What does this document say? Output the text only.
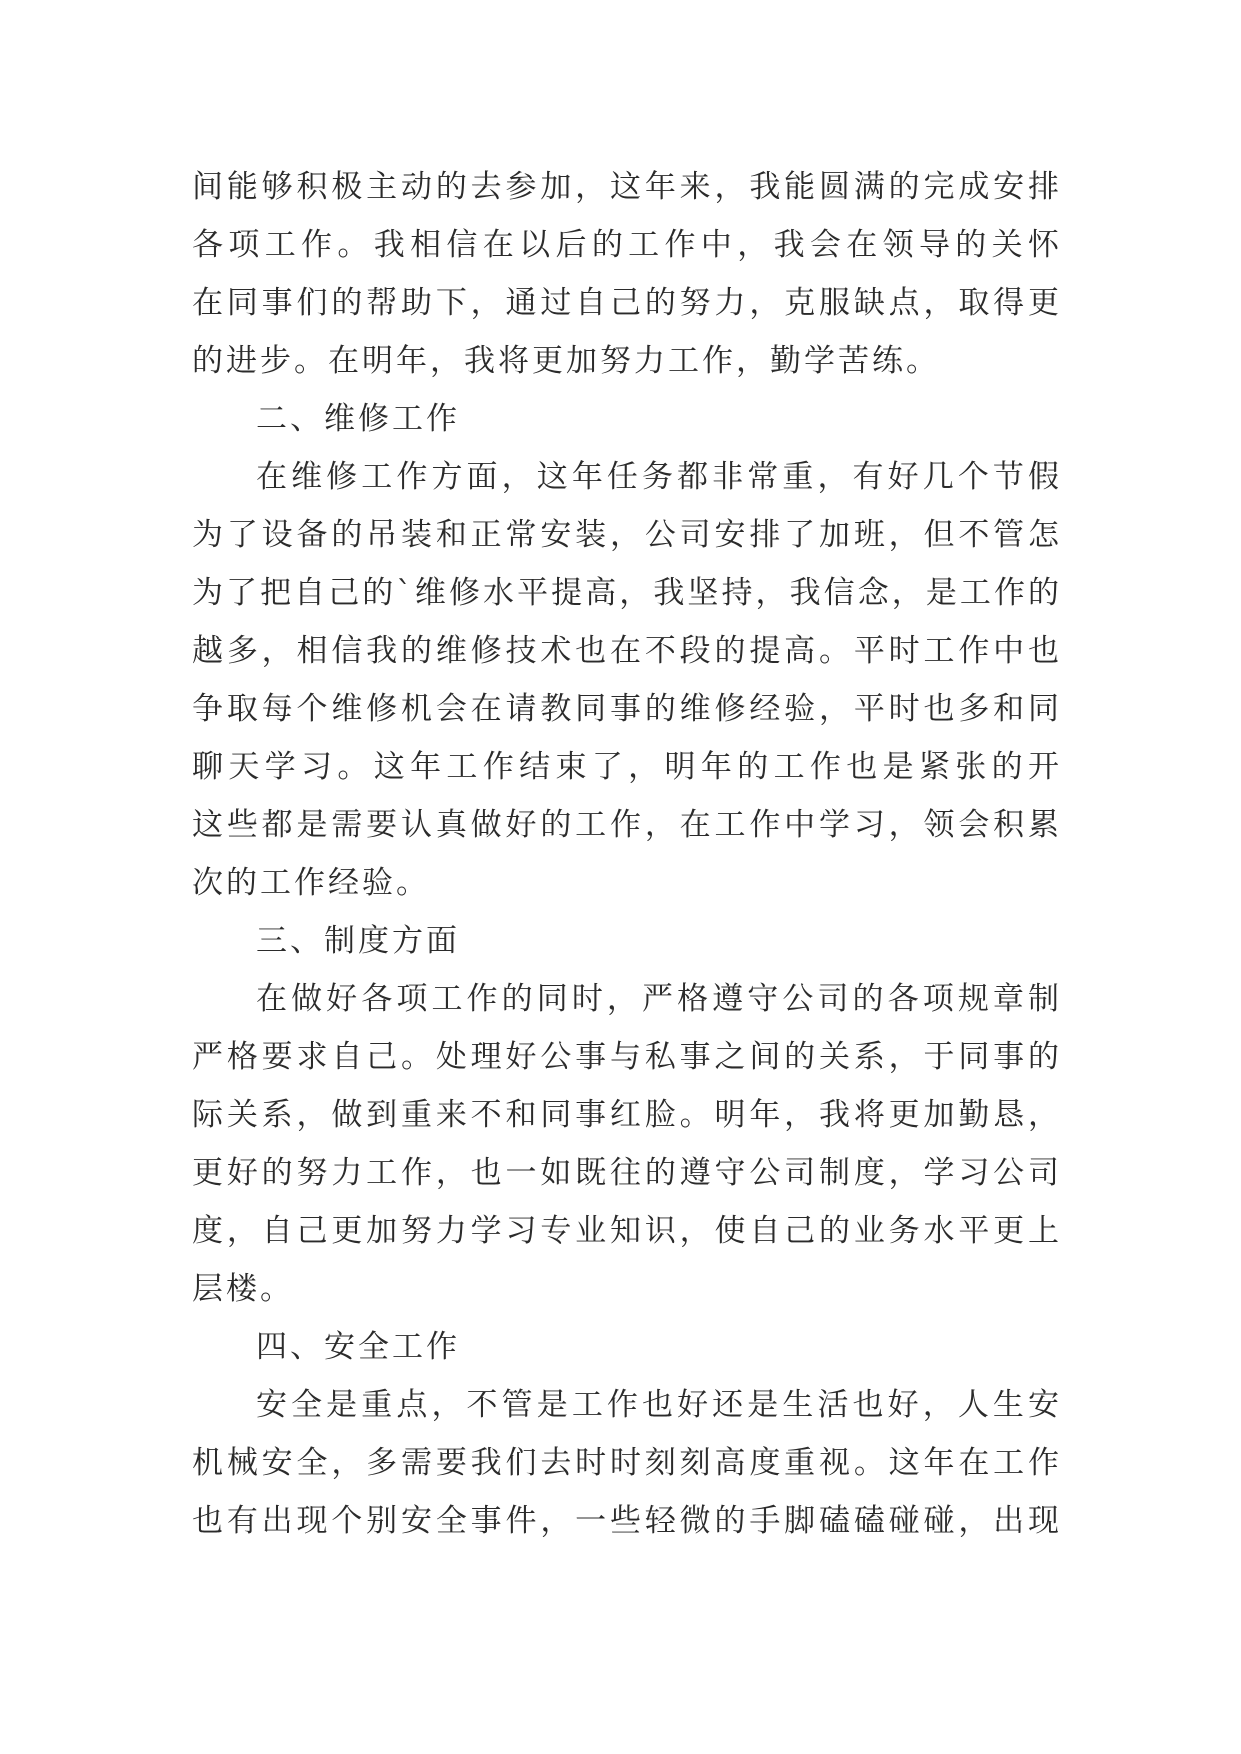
间能够积极主动的去参加，这年来，我能圆满的完成安排
各项工作。我相信在以后的工作中，我会在领导的关怀
在同事们的帮助下，通过自己的努力，克服缺点，取得更
的进步。在明年，我将更加努力工作，勤学苦练。
二、维修工作
在维修工作方面，这年任务都非常重，有好几个节假
为了设备的吊装和正常安装，公司安排了加班，但不管怎
为了把自己的`维修水平提高，我坚持，我信念，是工作的
越多，相信我的维修技术也在不段的提高。平时工作中也
争取每个维修机会在请教同事的维修经验，平时也多和同
聊天学习。这年工作结束了，明年的工作也是紧张的开
这些都是需要认真做好的工作，在工作中学习，领会积累
次的工作经验。
三、制度方面
在做好各项工作的同时，严格遵守公司的各项规章制
严格要求自己。处理好公事与私事之间的关系，于同事的
际关系，做到重来不和同事红脸。明年，我将更加勤恳，
更好的努力工作，也一如既往的遵守公司制度，学习公司
度，自己更加努力学习专业知识，使自己的业务水平更上
层楼。
四、安全工作
安全是重点，不管是工作也好还是生活也好，人生安
机械安全，多需要我们去时时刻刻高度重视。这年在工作
也有出现个别安全事件，一些轻微的手脚磕磕碰碰，出现
